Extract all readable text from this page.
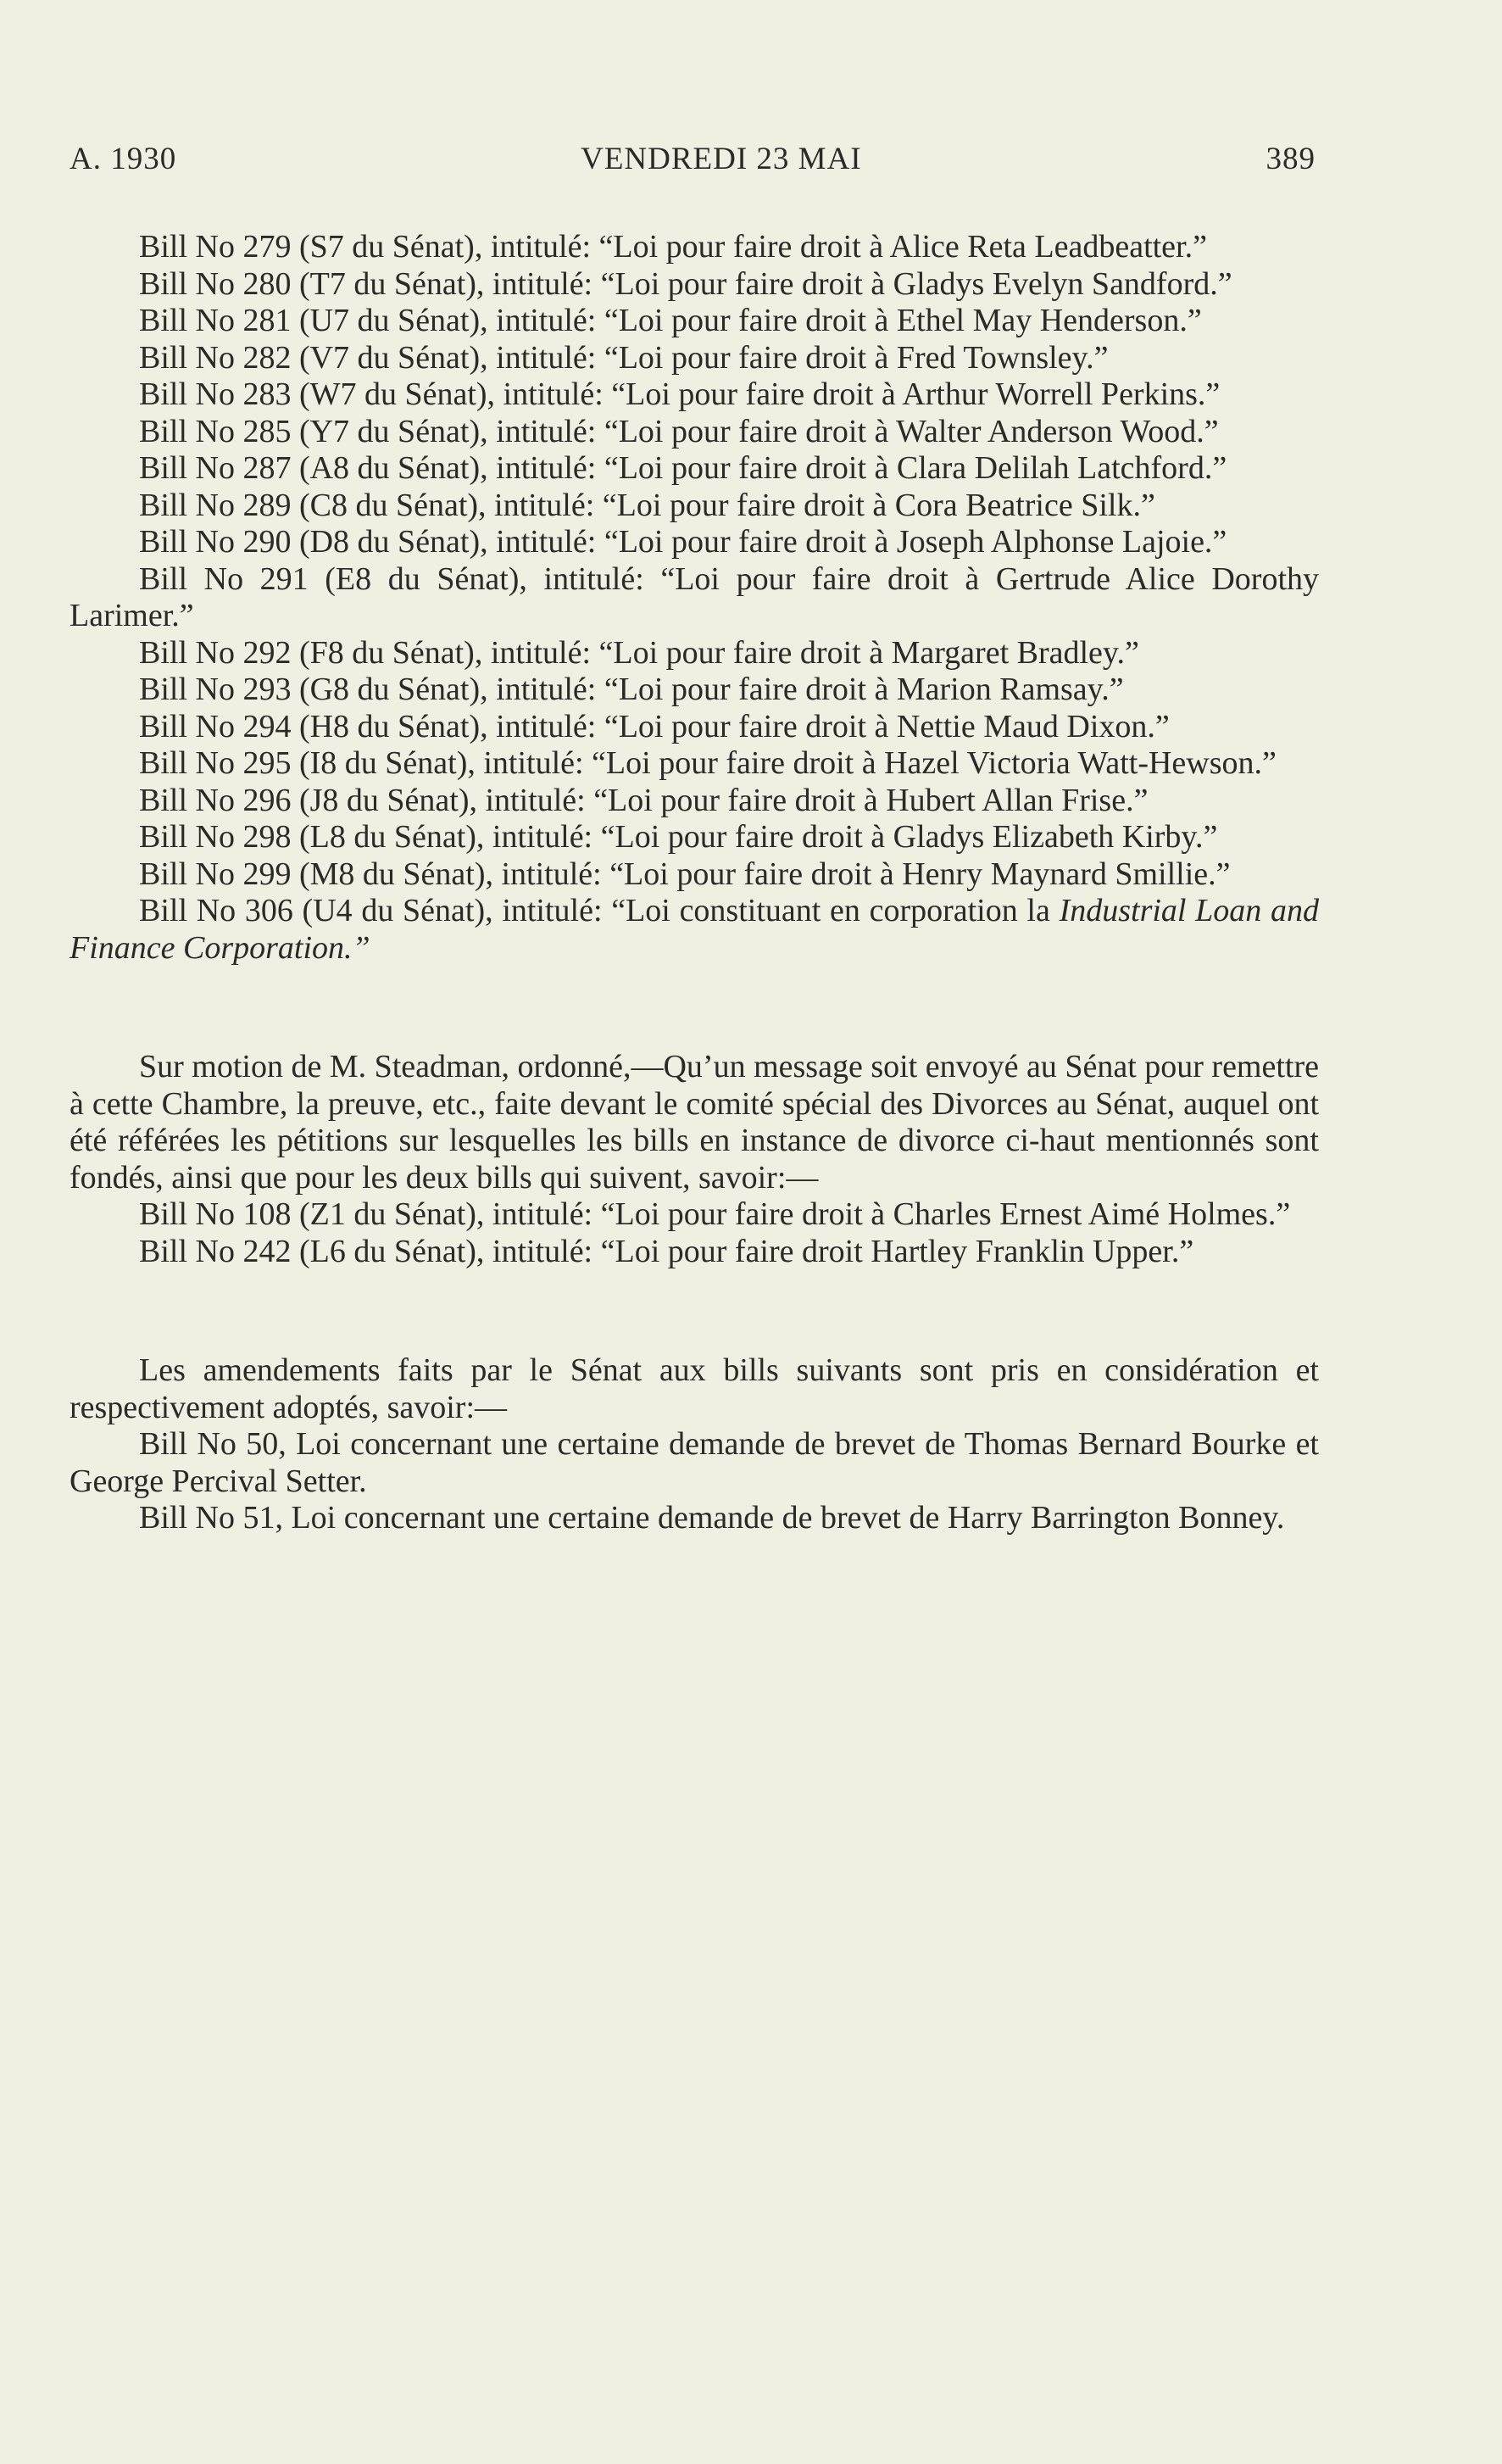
A. 1930	VENDREDI 23 MAI	389

Bill No 279 (S7 du Sénat), intitulé: “Loi pour faire droit à Alice Reta Leadbeatter.”

Bill No 280 (T7 du Sénat), intitulé: “Loi pour faire droit à Gladys Evelyn Sandford.”

Bill No 281 (U7 du Sénat), intitulé: “Loi pour faire droit à Ethel May Henderson.”

Bill No 282 (V7 du Sénat), intitulé: “Loi pour faire droit à Fred Townsley.”

Bill No 283 (W7 du Sénat), intitulé: “Loi pour faire droit à Arthur Worrell Perkins.”

Bill No 285 (Y7 du Sénat), intitulé: “Loi pour faire droit à Walter Anderson Wood.”

Bill No 287 (A8 du Sénat), intitulé: “Loi pour faire droit à Clara Delilah Latchford.”

Bill No 289 (C8 du Sénat), intitulé: “Loi pour faire droit à Cora Beatrice Silk.”

Bill No 290 (D8 du Sénat), intitulé: “Loi pour faire droit à Joseph Alphonse Lajoie.”

Bill No 291 (E8 du Sénat), intitulé: “Loi pour faire droit à Gertrude Alice Dorothy Larimer.”

Bill No 292 (F8 du Sénat), intitulé: “Loi pour faire droit à Margaret Bradley.”

Bill No 293 (G8 du Sénat), intitulé: “Loi pour faire droit à Marion Ramsay.”

Bill No 294 (H8 du Sénat), intitulé: “Loi pour faire droit à Nettie Maud Dixon.”

Bill No 295 (I8 du Sénat), intitulé: “Loi pour faire droit à Hazel Victoria Watt-Hewson.”

Bill No 296 (J8 du Sénat), intitulé: “Loi pour faire droit à Hubert Allan Frise.”

Bill No 298 (L8 du Sénat), intitulé: “Loi pour faire droit à Gladys Elizabeth Kirby.”

Bill No 299 (M8 du Sénat), intitulé: “Loi pour faire droit à Henry Maynard Smillie.”

Bill No 306 (U4 du Sénat), intitulé: “Loi constituant en corporation la Industrial Loan and Finance Corporation.”

Sur motion de M. Steadman, ordonné,—Qu’un message soit envoyé au Sénat pour remettre à cette Chambre, la preuve, etc., faite devant le comité spécial des Divorces au Sénat, auquel ont été référées les pétitions sur lesquelles les bills en instance de divorce ci-haut mentionnés sont fondés, ainsi que pour les deux bills qui suivent, savoir:—

Bill No 108 (Z1 du Sénat), intitulé: “Loi pour faire droit à Charles Ernest Aimé Holmes.”

Bill No 242 (L6 du Sénat), intitulé: “Loi pour faire droit Hartley Franklin Upper.”

Les amendements faits par le Sénat aux bills suivants sont pris en considération et respectivement adoptés, savoir:—

Bill No 50, Loi concernant une certaine demande de brevet de Thomas Bernard Bourke et George Percival Setter.

Bill No 51, Loi concernant une certaine demande de brevet de Harry Barrington Bonney.
